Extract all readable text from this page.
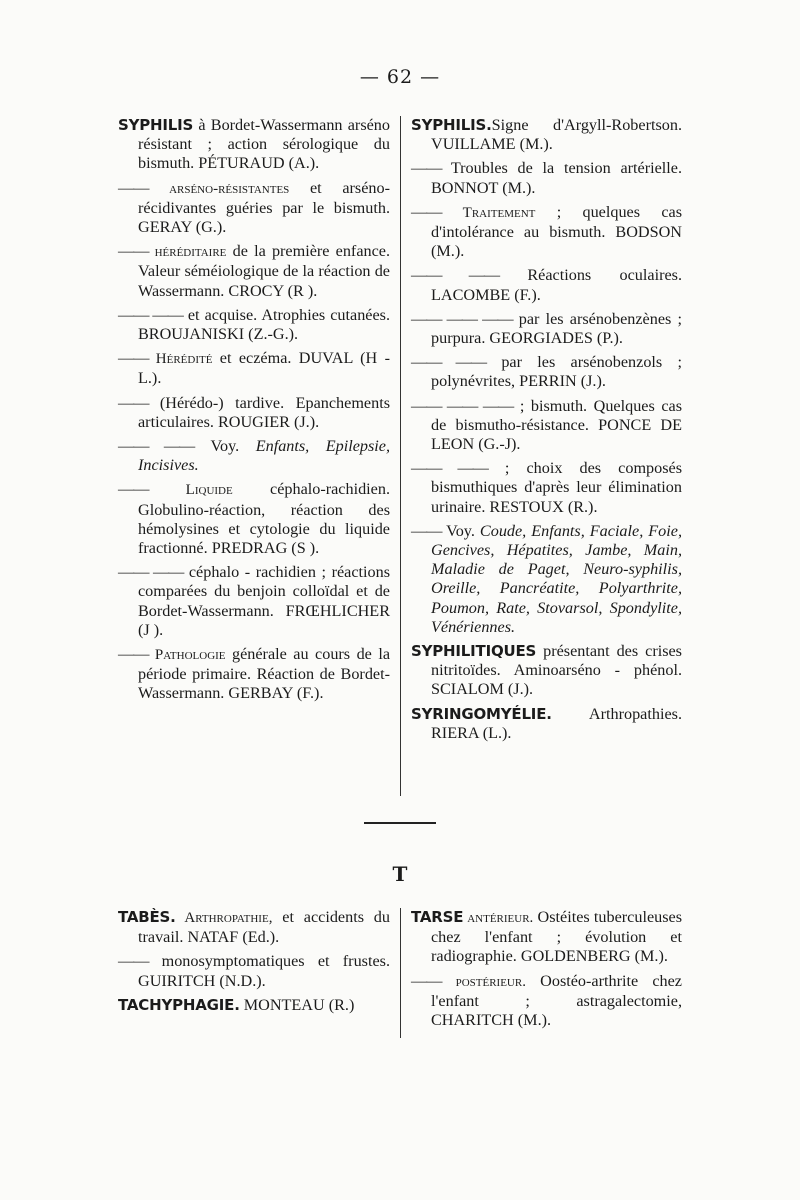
— 62 —
SYPHILIS à Bordet-Wassermann arséno résistant ; action sérologique du bismuth. PÉTURAUD (A.).
—— arséno-résistantes et arséno-récidivantes guéries par le bismuth. GERAY (G.).
—— héréditaire de la première enfance. Valeur séméiologique de la réaction de Wassermann. CROCY (R ).
—— —— et acquise. Atrophies cutanées. BROUJANISKI (Z.-G.).
—— Hérédité et eczéma. DUVAL (H -L.).
—— (Hérédo-) tardive. Epanchements articulaires. ROUGIER (J.).
—— —— Voy. Enfants, Epilepsie, Incisives.
—— Liquide céphalo-rachidien. Globulino-réaction, réaction des hémolysines et cytologie du liquide fractionné. PREDRAG (S ).
—— —— céphalo - rachidien ; réactions comparées du benjoin colloïdal et de Bordet-Wassermann. FRŒHLICHER (J ).
—— Pathologie générale au cours de la période primaire. Réaction de Bordet-Wassermann. GERBAY (F.).
SYPHILIS.Signe d'Argyll-Robertson. VUILLAME (M.).
—— Troubles de la tension artérielle. BONNOT (M.).
—— Traitement ; quelques cas d'intolérance au bismuth. BODSON (M.).
—— —— Réactions oculaires. LACOMBE (F.).
—— —— —— par les arsénobenzènes ; purpura. GEORGIADES (P.).
—— —— par les arsénobenzols ; polynévrites, PERRIN (J.).
—— —— —— ; bismuth. Quelques cas de bismutho-résistance. PONCE DE LEON (G.-J).
—— —— ; choix des composés bismuthiques d'après leur élimination urinaire. RESTOUX (R.).
—— Voy. Coude, Enfants, Faciale, Foie, Gencives, Hépatites, Jambe, Main, Maladie de Paget, Neuro-syphilis, Oreille, Pancréatite, Polyarthrite, Poumon, Rate, Stovarsol, Spondylite, Vénériennes.
SYPHILITIQUES présentant des crises nitritoïdes. Aminoarséno - phénol. SCIALOM (J.).
SYRINGOMYÉLIE. Arthropathies. RIERA (L.).
T
TABÈS. Arthropathie, et accidents du travail. NATAF (Ed.).
—— monosymptomatiques et frustes. GUIRITCH (N.D.).
TACHYPHAGIE. MONTEAU (R.)
TARSE antérieur. Ostéites tuberculeuses chez l'enfant ; évolution et radiographie. GOLDENBERG (M.).
—— postérieur. Oostéo-arthrite chez l'enfant ; astragalectomie, CHARITCH (M.).
